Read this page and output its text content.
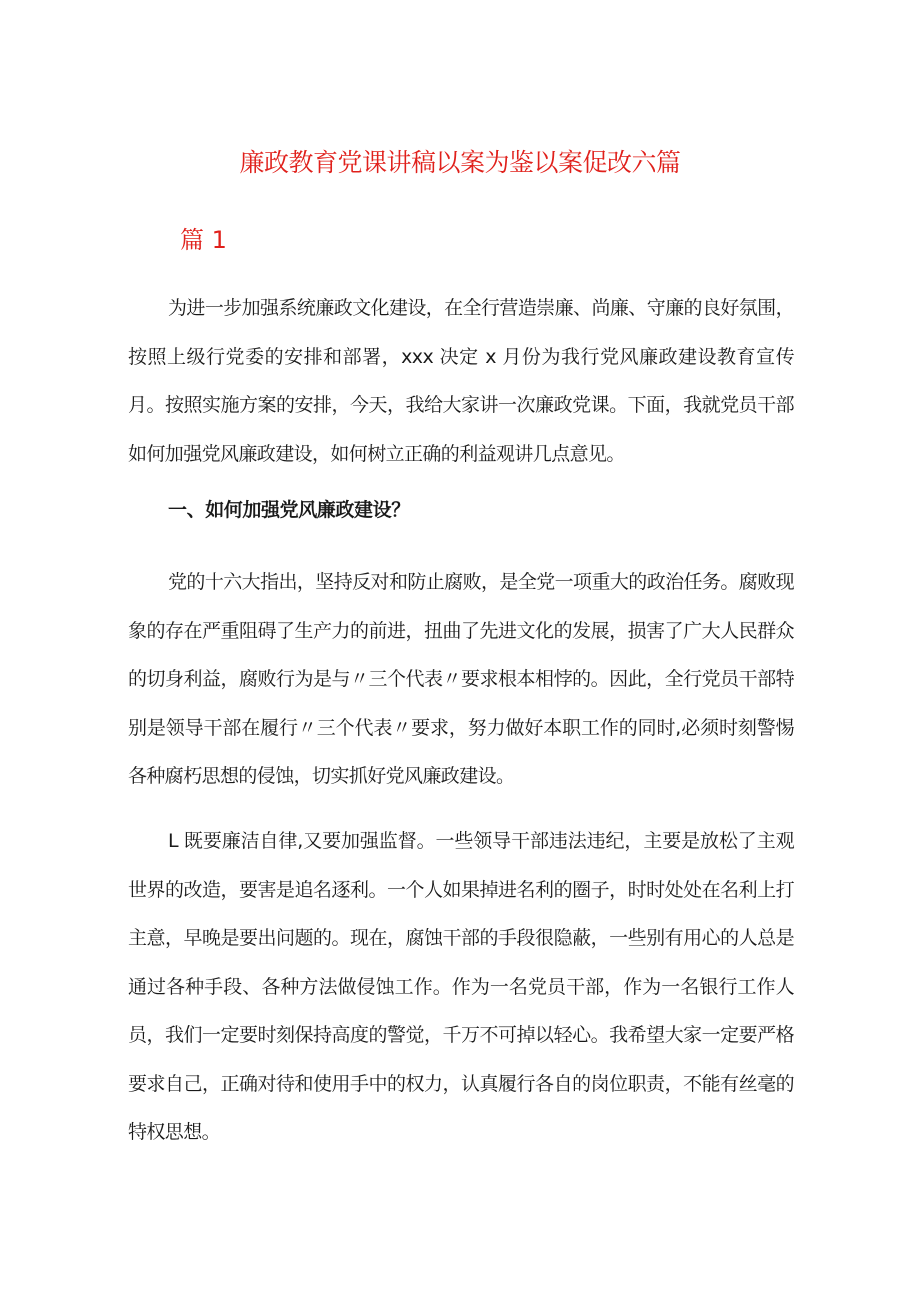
廉政教育党课讲稿以案为鉴以案促改六篇
篇 1

为进一步加强系统廉政文化建设，在全行营造崇廉、尚廉、守廉的良好氛围，按照上级行党委的安排和部署，xxx 决定 x 月份为我行党风廉政建设教育宣传月。按照实施方案的安排，今天，我给大家讲一次廉政党课。下面，我就党员干部如何加强党风廉政建设，如何树立正确的利益观讲几点意见。

一、如何加强党风廉政建设？

党的十六大指出，坚持反对和防止腐败，是全党一项重大的政治任务。腐败现象的存在严重阻碍了生产力的前进，扭曲了先进文化的发展，损害了广大人民群众的切身利益，腐败行为是与〃三个代表〃要求根本相悖的。因此，全行党员干部特别是领导干部在履行〃三个代表〃要求，努力做好本职工作的同时,必须时刻警惕各种腐朽思想的侵蚀，切实抓好党风廉政建设。

L 既要廉洁自律,又要加强监督。一些领导干部违法违纪，主要是放松了主观世界的改造，要害是追名逐利。一个人如果掉进名利的圈子，时时处处在名利上打主意，早晚是要出问题的。现在，腐蚀干部的手段很隐蔽，一些别有用心的人总是通过各种手段、各种方法做侵蚀工作。作为一名党员干部，作为一名银行工作人员，我们一定要时刻保持高度的警觉，千万不可掉以轻心。我希望大家一定要严格要求自己，正确对待和使用手中的权力，认真履行各自的岗位职责，不能有丝毫的特权思想。
